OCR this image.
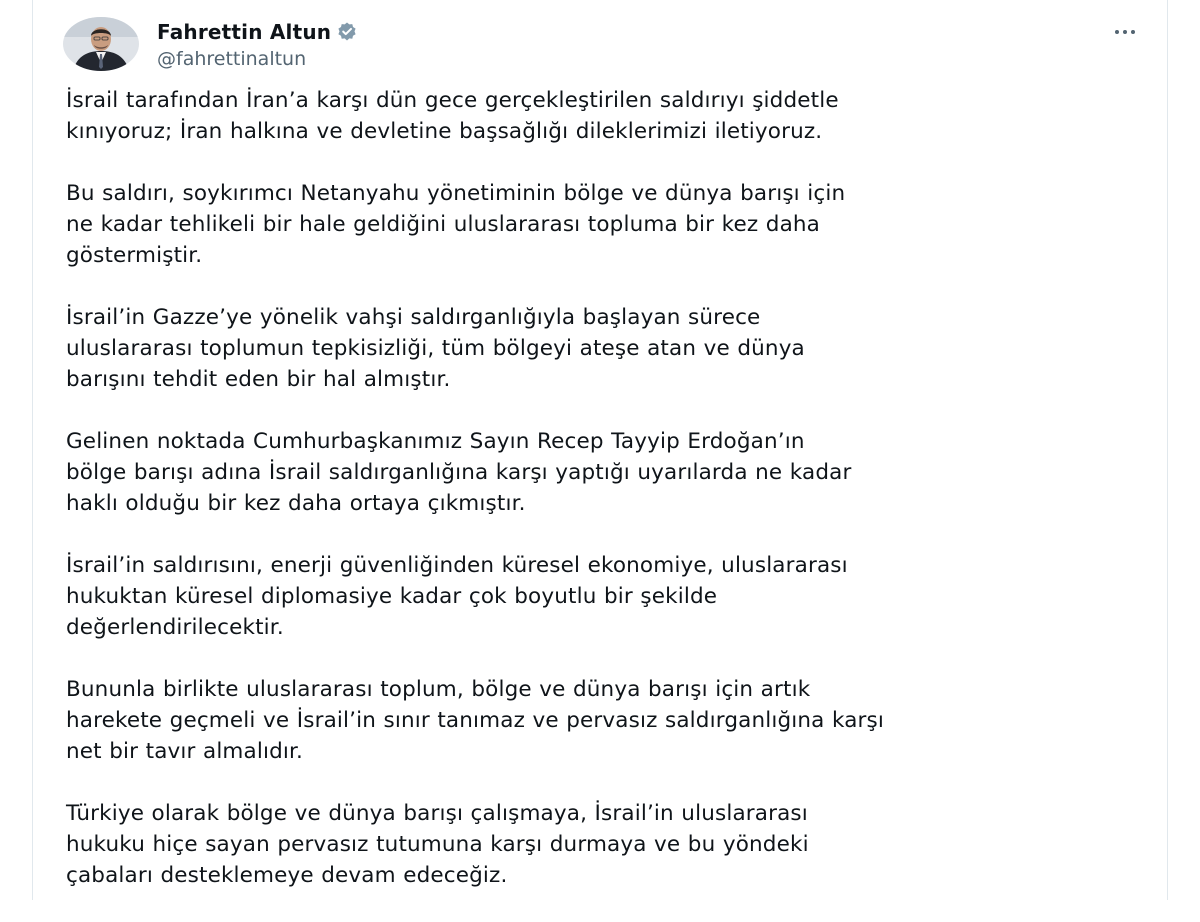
Fahrettin Altun
@fahrettinaltun

İsrail tarafından İran’a karşı dün gece gerçekleştirilen saldırıyı şiddetle
kınıyoruz; İran halkına ve devletine başsağlığı dileklerimizi iletiyoruz.

Bu saldırı, soykırımcı Netanyahu yönetiminin bölge ve dünya barışı için
ne kadar tehlikeli bir hale geldiğini uluslararası topluma bir kez daha
göstermiştir.

İsrail’in Gazze’ye yönelik vahşi saldırganlığıyla başlayan sürece
uluslararası toplumun tepkisizliği, tüm bölgeyi ateşe atan ve dünya
barışını tehdit eden bir hal almıştır.

Gelinen noktada Cumhurbaşkanımız Sayın Recep Tayyip Erdoğan’ın
bölge barışı adına İsrail saldırganlığına karşı yaptığı uyarılarda ne kadar
haklı olduğu bir kez daha ortaya çıkmıştır.

İsrail’in saldırısını, enerji güvenliğinden küresel ekonomiye, uluslararası
hukuktan küresel diplomasiye kadar çok boyutlu bir şekilde
değerlendirilecektir.

Bununla birlikte uluslararası toplum, bölge ve dünya barışı için artık
harekete geçmeli ve İsrail’in sınır tanımaz ve pervasız saldırganlığına karşı
net bir tavır almalıdır.

Türkiye olarak bölge ve dünya barışı çalışmaya, İsrail’in uluslararası
hukuku hiçe sayan pervasız tutumuna karşı durmaya ve bu yöndeki
çabaları desteklemeye devam edeceğiz.
